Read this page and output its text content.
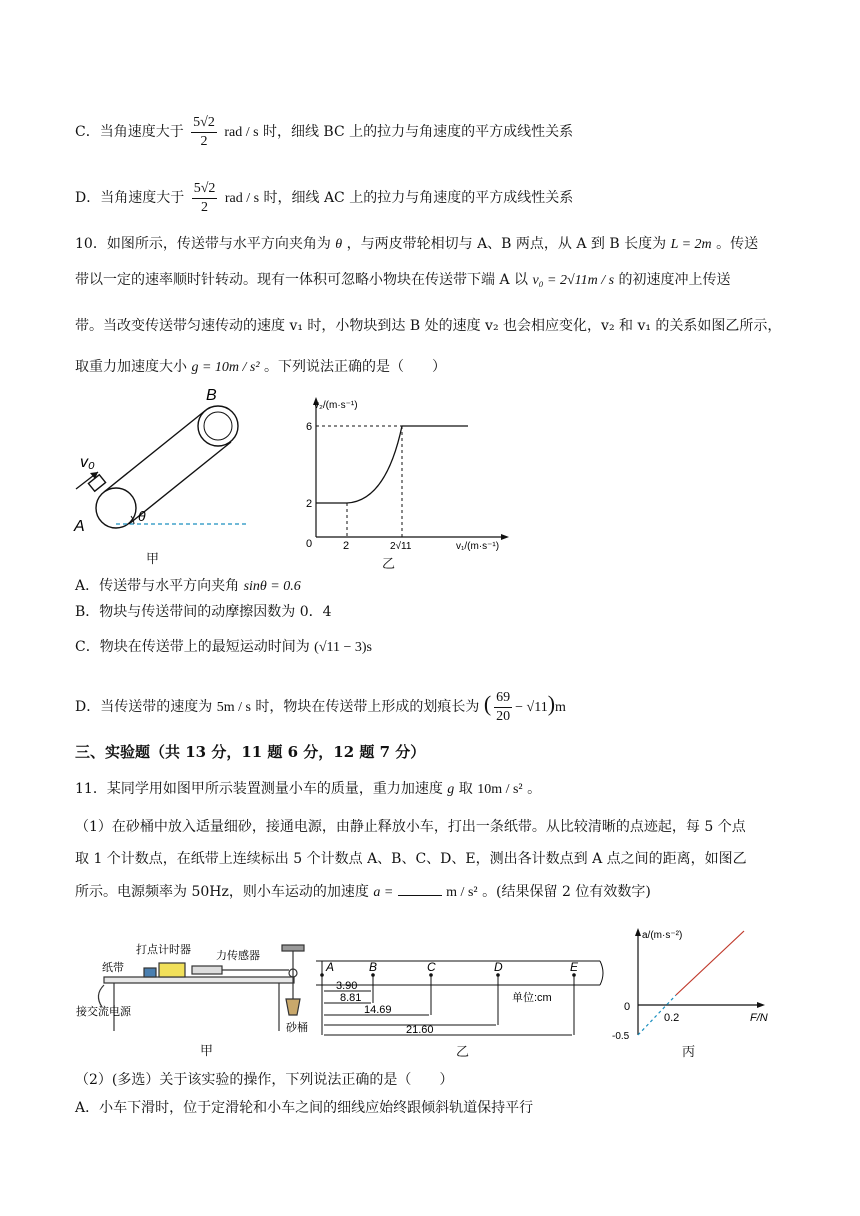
C．当角速度大于 $\frac{5√2}{2}$ rad / s 时，细线 BC 上的拉力与角速度的平方成线性关系
D．当角速度大于 $\frac{5√2}{2}$ rad / s 时，细线 AC 上的拉力与角速度的平方成线性关系
10．如图所示，传送带与水平方向夹角为 θ ，与两皮带轮相切与 A、B 两点，从 A 到 B 长度为 L = 2m 。传送
带以一定的速率顺时针转动。现有一体积可忽略小物块在传送带下端 A 以 v₀ = 2√11m / s 的初速度冲上传送
带。当改变传送带匀速传动的速度 v₁ 时，小物块到达 B 处的速度 v₂ 也会相应变化，v₂ 和 v₁ 的关系如图乙所示，
取重力加速度大小 g = 10m / s² 。下列说法正确的是（　　）
B
A
v₀
θ
甲
v₂/(m·s⁻¹)
6
2
0	2	2√11	v₁/(m·s⁻¹)
乙
A．传送带与水平方向夹角 sinθ = 0.6
B．物块与传送带间的动摩擦因数为 0．4
C．物块在传送带上的最短运动时间为 (√11 − 3)s
D．当传送带的速度为 5m / s 时，物块在传送带上形成的划痕长为 ( $\frac{69}{20} - √11)m$
三、实验题（共 13 分，11 题 6 分，12 题 7 分）
11．某同学用如图甲所示装置测量小车的质量，重力加速度 g 取 10m / s² 。
（1）在砂桶中放入适量细砂，接通电源，由静止释放小车，打出一条纸带。从比较清晰的点迹起，每 5 个点
取 1 个计数点，在纸带上连续标出 5 个计数点 A、B、C、D、E，测出各计数点到 A 点之间的距离，如图乙
所示。电源频率为 50Hz，则小车运动的加速度 a =	m / s² 。(结果保留 2 位有效数字)
打点计时器 力传感器
纸带
接交流电源
砂桶
甲
A	B	C	D	E
3.90
8.81
14.69
21.60
单位:cm
乙
a/(m·s⁻²)
0
0.2
-0.5
F/N
丙
（2）(多选）关于该实验的操作，下列说法正确的是（　　）
A．小车下滑时，位于定滑轮和小车之间的细线应始终跟倾斜轨道保持平行
